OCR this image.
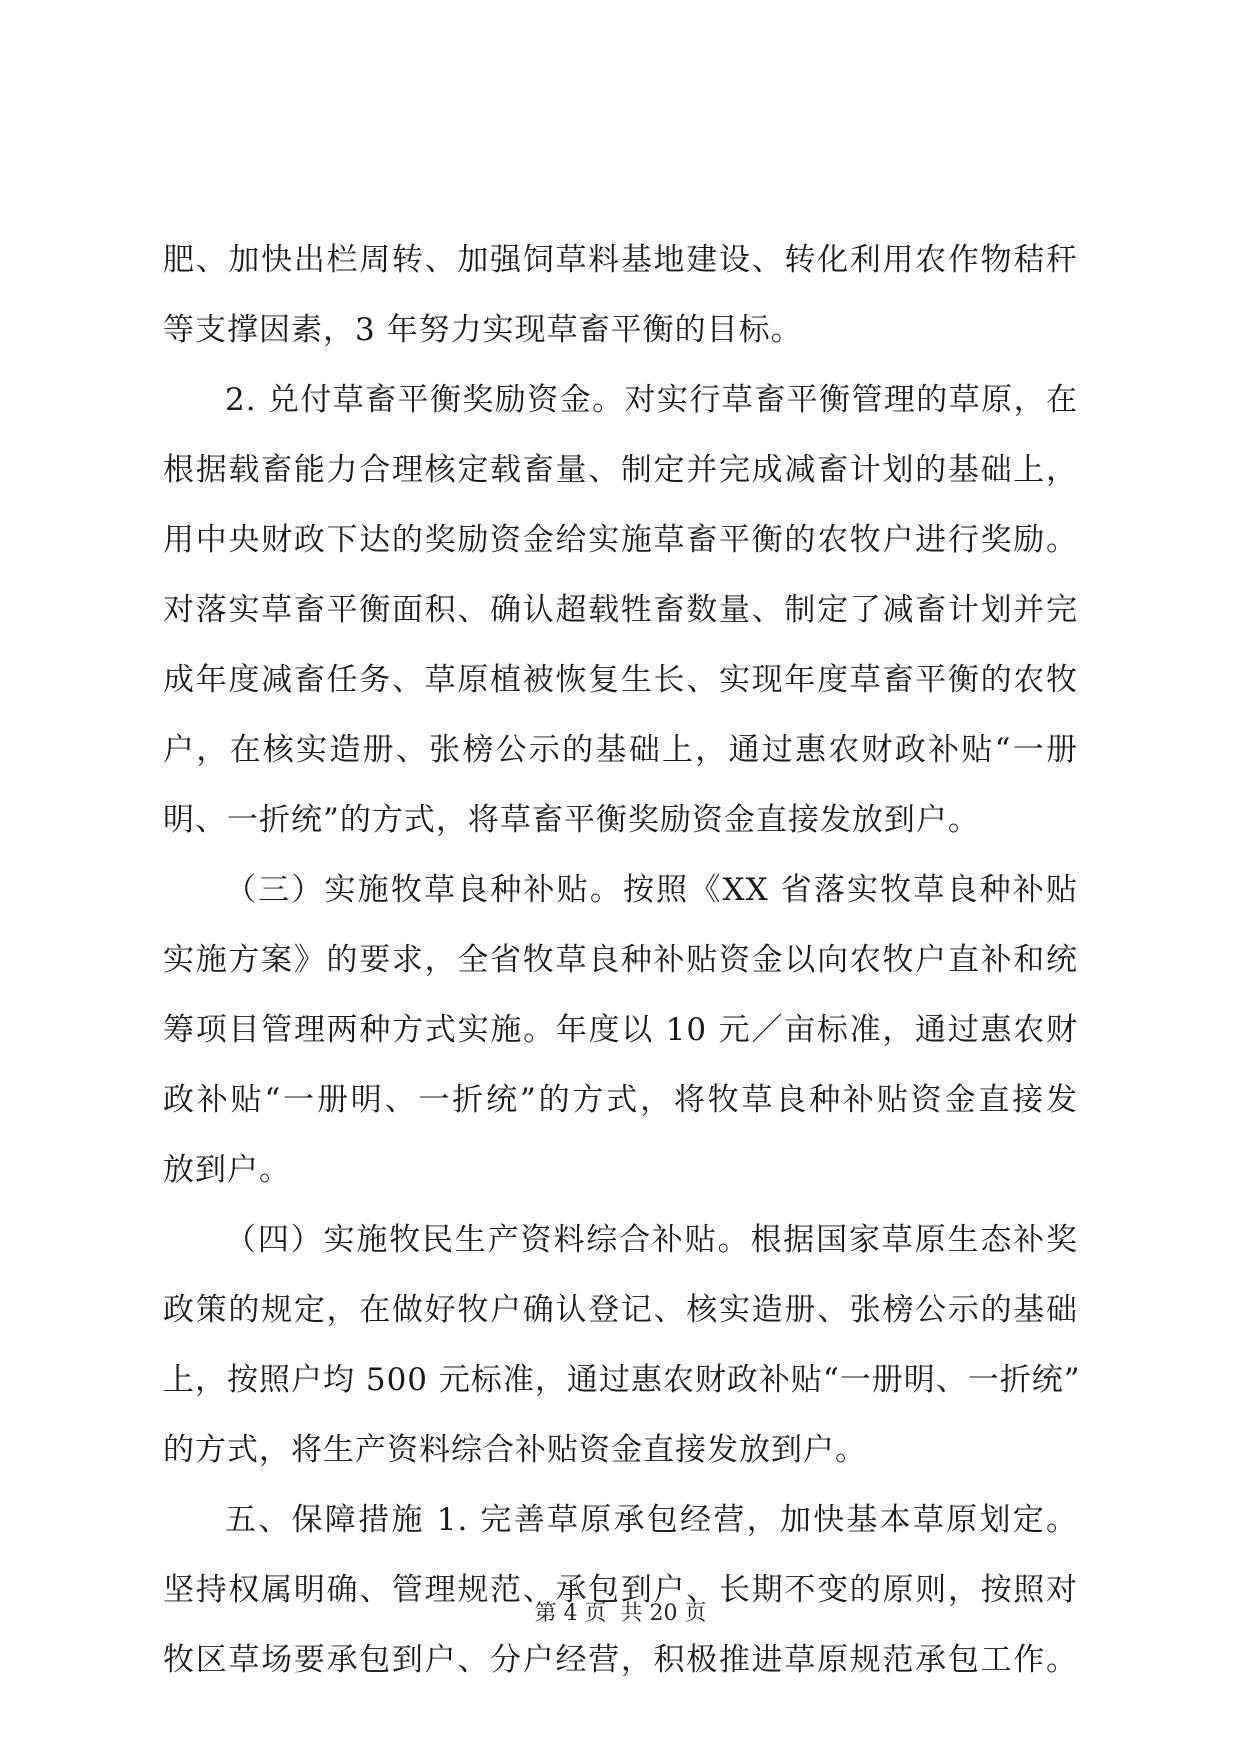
肥、加快出栏周转、加强饲草料基地建设、转化利用农作物秸秆
等支撑因素，3 年努力实现草畜平衡的目标。
2. 兑付草畜平衡奖励资金。对实行草畜平衡管理的草原，在
根据载畜能力合理核定载畜量、制定并完成减畜计划的基础上，
用中央财政下达的奖励资金给实施草畜平衡的农牧户进行奖励。
对落实草畜平衡面积、确认超载牲畜数量、制定了减畜计划并完
成年度减畜任务、草原植被恢复生长、实现年度草畜平衡的农牧
户，在核实造册、张榜公示的基础上，通过惠农财政补贴“一册
明、一折统”的方式，将草畜平衡奖励资金直接发放到户。
（三）实施牧草良种补贴。按照《XX 省落实牧草良种补贴
实施方案》的要求，全省牧草良种补贴资金以向农牧户直补和统
筹项目管理两种方式实施。年度以 10 元／亩标准，通过惠农财
政补贴“一册明、一折统”的方式，将牧草良种补贴资金直接发
放到户。
（四）实施牧民生产资料综合补贴。根据国家草原生态补奖
政策的规定，在做好牧户确认登记、核实造册、张榜公示的基础
上，按照户均 500 元标准，通过惠农财政补贴“一册明、一折统”
的方式，将生产资料综合补贴资金直接发放到户。
五、保障措施 1. 完善草原承包经营，加快基本草原划定。
坚持权属明确、管理规范、承包到户、长期不变的原则，按照对
牧区草场要承包到户、分户经营，积极推进草原规范承包工作。
第 4 页  共 20 页
